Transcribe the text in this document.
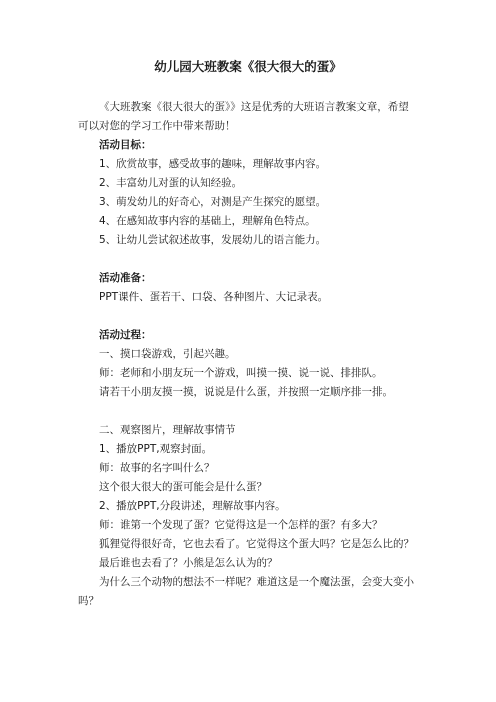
幼儿园大班教案《很大很大的蛋》

《大班教案《很大很大的蛋》》这是优秀的大班语言教案文章，希望可以对您的学习工作中带来帮助！

活动目标：
1、欣赏故事，感受故事的趣味，理解故事内容。
2、丰富幼儿对蛋的认知经验。
3、萌发幼儿的好奇心，对测是产生探究的愿望。
4、在感知故事内容的基础上，理解角色特点。
5、让幼儿尝试叙述故事，发展幼儿的语言能力。
活动准备：
PPT课件、蛋若干、口袋、各种图片、大记录表。
活动过程：
一、摸口袋游戏，引起兴趣。
师：老师和小朋友玩一个游戏，叫摸一摸、说一说、排排队。
请若干小朋友摸一摸，说说是什么蛋，并按照一定顺序排一排。
二、观察图片，理解故事情节
1、播放PPT,观察封面。
师：故事的名字叫什么？
这个很大很大的蛋可能会是什么蛋？
2、播放PPT,分段讲述，理解故事内容。
师：谁第一个发现了蛋？它觉得这是一个怎样的蛋？有多大？

狐狸觉得很好奇，它也去看了。它觉得这个蛋大吗？它是怎么比的？

最后谁也去看了？小熊是怎么认为的？

为什么三个动物的想法不一样呢？难道这是一个魔法蛋，会变大变小吗？
